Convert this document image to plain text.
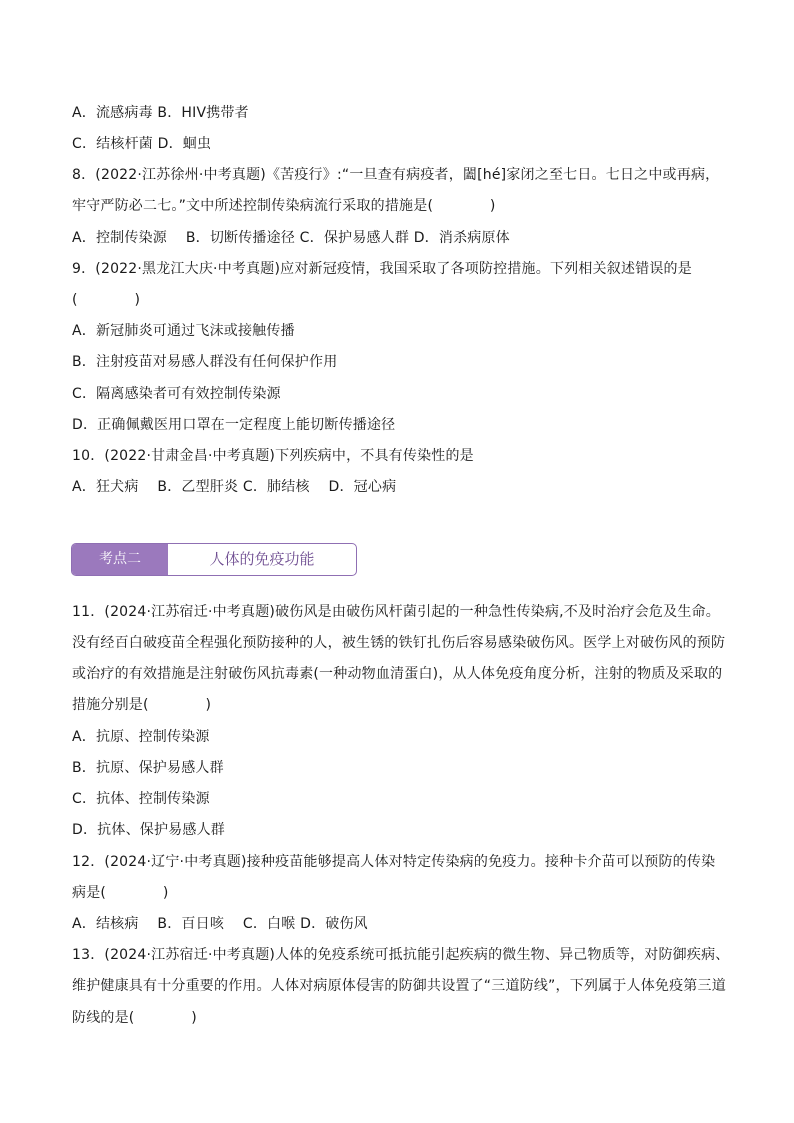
A．流感病毒 B．HIV携带者

C．结核杆菌 D．蛔虫

8．(2022·江苏徐州·中考真题)《苦疫行》:“一旦查有病疫者，闔[hé]家闭之至七日。七日之中或再病，

牢守严防必二七。”文中所述控制传染病流行采取的措施是(　　　　)

A．控制传染源　 B．切断传播途径 C．保护易感人群 D．消杀病原体

9．(2022·黑龙江大庆·中考真题)应对新冠疫情，我国采取了各项防控措施。下列相关叙述错误的是

(　　　　)

A．新冠肺炎可通过飞沫或接触传播

B．注射疫苗对易感人群没有任何保护作用

C．隔离感染者可有效控制传染源

D．正确佩戴医用口罩在一定程度上能切断传播途径

10．(2022·甘肃金昌·中考真题)下列疾病中，不具有传染性的是

A．狂犬病　 B．乙型肝炎 C．肺结核　 D．冠心病

考点二	人体的免疫功能

11．(2024·江苏宿迁·中考真题)破伤风是由破伤风杆菌引起的一种急性传染病,不及时治疗会危及生命。

没有经百白破疫苗全程强化预防接种的人，被生锈的铁钉扎伤后容易感染破伤风。医学上对破伤风的预防

或治疗的有效措施是注射破伤风抗毒素(一种动物血清蛋白)，从人体免疫角度分析，注射的物质及采取的

措施分别是(　　　　)

A．抗原、控制传染源

B．抗原、保护易感人群

C．抗体、控制传染源

D．抗体、保护易感人群

12．(2024·辽宁·中考真题)接种疫苗能够提高人体对特定传染病的免疫力。接种卡介苗可以预防的传染

病是(　　　　)

A．结核病　 B．百日咳　 C．白喉 D．破伤风

13．(2024·江苏宿迁·中考真题)人体的免疫系统可抵抗能引起疾病的微生物、异己物质等，对防御疾病、

维护健康具有十分重要的作用。人体对病原体侵害的防御共设置了“三道防线”，下列属于人体免疫第三道

防线的是(　　　　)
